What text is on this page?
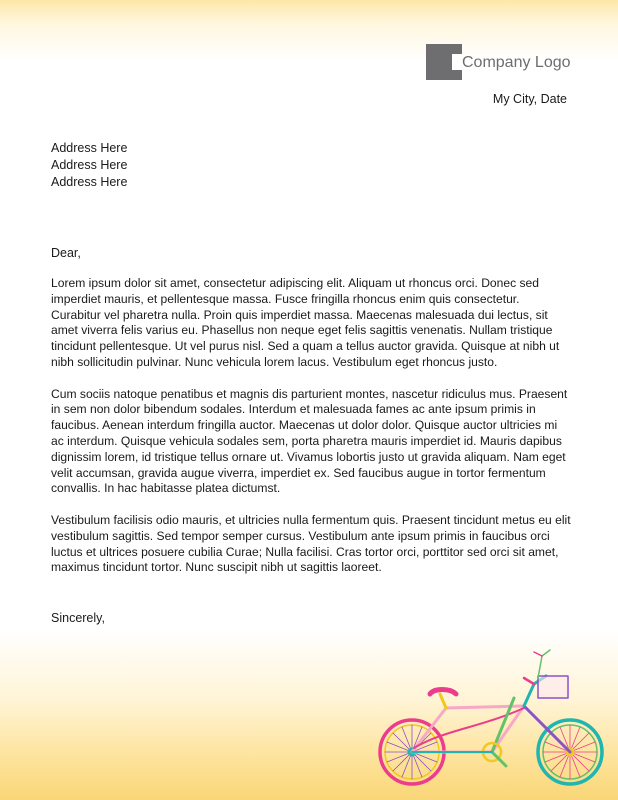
Company Logo
My City, Date
Address Here
Address Here
Address Here
Dear,

Lorem ipsum dolor sit amet, consectetur adipiscing elit. Aliquam ut rhoncus orci. Donec sed imperdiet mauris, et pellentesque massa. Fusce fringilla rhoncus enim quis consectetur. Curabitur vel pharetra nulla. Proin quis imperdiet massa. Maecenas malesuada dui lectus, sit amet viverra felis varius eu. Phasellus non neque eget felis sagittis venenatis. Nullam tristique tincidunt pellentesque. Ut vel purus nisl. Sed a quam a tellus auctor gravida. Quisque at nibh ut nibh sollicitudin pulvinar. Nunc vehicula lorem lacus. Vestibulum eget rhoncus justo.

Cum sociis natoque penatibus et magnis dis parturient montes, nascetur ridiculus mus. Praesent in sem non dolor bibendum sodales. Interdum et malesuada fames ac ante ipsum primis in faucibus. Aenean interdum fringilla auctor. Maecenas ut dolor dolor. Quisque auctor ultricies mi ac interdum. Quisque vehicula sodales sem, porta pharetra mauris imperdiet id. Mauris dapibus dignissim lorem, id tristique tellus ornare ut. Vivamus lobortis justo ut gravida aliquam. Nam eget velit accumsan, gravida augue viverra, imperdiet ex. Sed faucibus augue in tortor fermentum convallis. In hac habitasse platea dictumst.

Vestibulum facilisis odio mauris, et ultricies nulla fermentum quis. Praesent tincidunt metus eu elit vestibulum sagittis. Sed tempor semper cursus. Vestibulum ante ipsum primis in faucibus orci luctus et ultrices posuere cubilia Curae; Nulla facilisi. Cras tortor orci, porttitor sed orci sit amet, maximus tincidunt tortor. Nunc suscipit nibh ut sagittis laoreet.

Sincerely,
